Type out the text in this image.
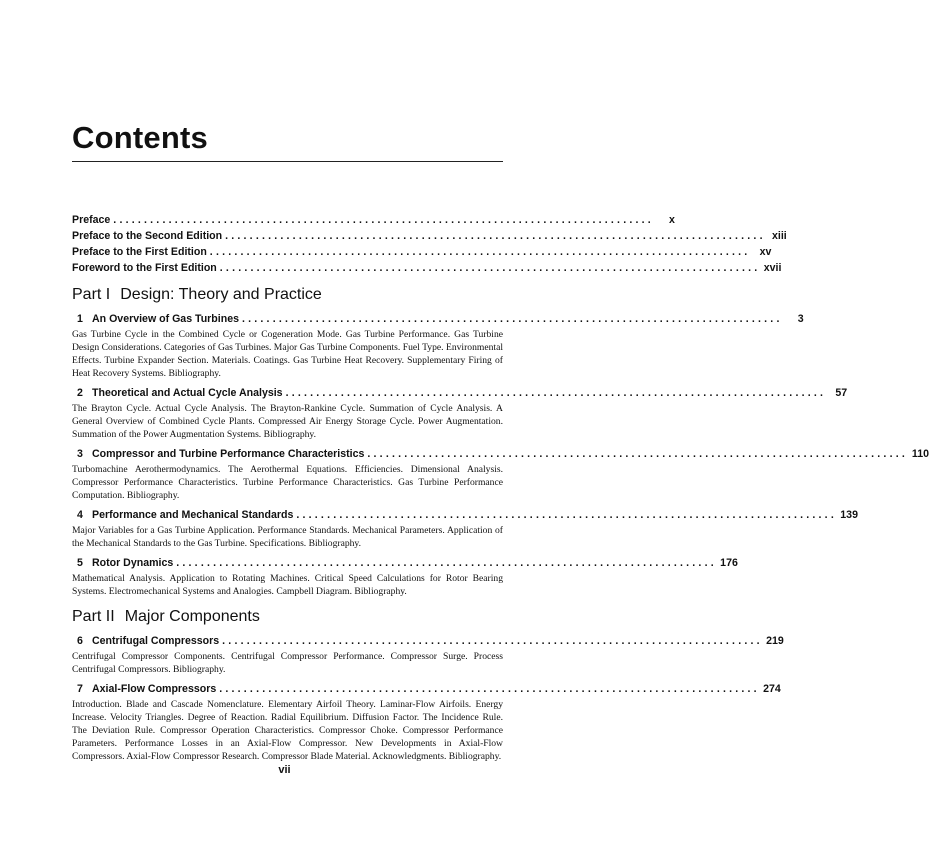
Contents
Preface ........................................................................................	x
Preface to the Second Edition ........................................................................................ xiii
Preface to the First Edition ........................................................................................ xv
Foreword to the First Edition ........................................................................................ xvii
Part I Design: Theory and Practice
1 An Overview of Gas Turbines ........................................................................................	3

Gas Turbine Cycle in the Combined Cycle or Cogeneration Mode. Gas Turbine Performance. Gas Turbine Design Considerations. Categories of Gas Turbines. Major Gas Turbine Components. Fuel Type. Environmental Effects. Turbine Expander Section. Materials. Coatings. Gas Turbine Heat Recovery. Supplementary Firing of Heat Recovery Systems. Bibliography.

2 Theoretical and Actual Cycle Analysis ........................................................................................ 57

The Brayton Cycle. Actual Cycle Analysis. The Brayton-Rankine Cycle. Summation of Cycle Analysis. A General Overview of Combined Cycle Plants. Compressed Air Energy Storage Cycle. Power Augmentation. Summation of the Power Augmentation Systems. Bibliography.

3 Compressor and Turbine Performance Characteristics ........................................................................................ 110

Turbomachine Aerothermodynamics. The Aerothermal Equations. Efficiencies. Dimensional Analysis. Compressor Performance Characteristics. Turbine Performance Characteristics. Gas Turbine Performance Computation. Bibliography.

4 Performance and Mechanical Standards ........................................................................................ 139

Major Variables for a Gas Turbine Application. Performance Standards. Mechanical Parameters. Application of the Mechanical Standards to the Gas Turbine. Specifications. Bibliography.

5 Rotor Dynamics ........................................................................................ 176

Mathematical Analysis. Application to Rotating Machines. Critical Speed Calculations for Rotor Bearing Systems. Electromechanical Systems and Analogies. Campbell Diagram. Bibliography.

Part II Major Components
6 Centrifugal Compressors ........................................................................................ 219

Centrifugal Compressor Components. Centrifugal Compressor Performance. Compressor Surge. Process Centrifugal Compressors. Bibliography.

7 Axial-Flow Compressors ........................................................................................ 274

Introduction. Blade and Cascade Nomenclature. Elementary Airfoil Theory. Laminar-Flow Airfoils. Energy Increase. Velocity Triangles. Degree of Reaction. Radial Equilibrium. Diffusion Factor. The Incidence Rule. The Deviation Rule. Compressor Operation Characteristics. Compressor Choke. Compressor Performance Parameters. Performance Losses in an Axial-Flow Compressor. New Developments in Axial-Flow Compressors. Axial-Flow Compressor Research. Compressor Blade Material. Acknowledgments. Bibliography.

vii
